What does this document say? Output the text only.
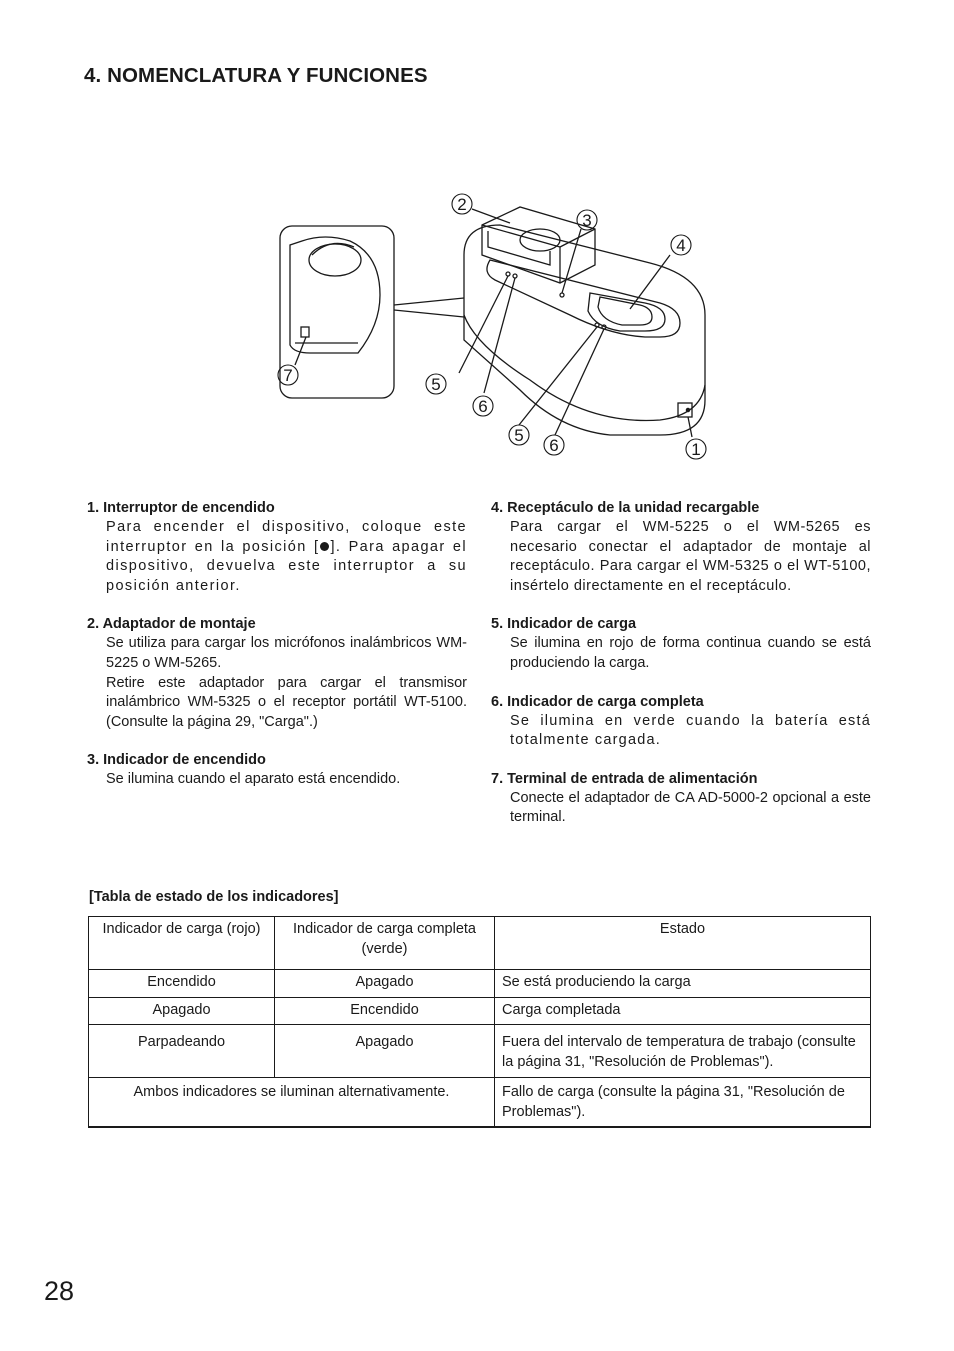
4. NOMENCLATURA Y FUNCIONES
2
3
4
5
6
5
6	1
7
1. Interruptor de encendido

Para encender el dispositivo, coloque este interruptor en la posición [ ]. Para apagar el dispositivo, devuelva este interruptor a su posición anterior.

2. Adaptador de montaje

Se utiliza para cargar los micrófonos inalámbricos WM-5225 o WM-5265.

Retire este adaptador para cargar el transmisor inalámbrico WM-5325 o el receptor portátil WT-5100. (Consulte la página 29, "Carga".)

3. Indicador de encendido

Se ilumina cuando el aparato está encendido.

4. Receptáculo de la unidad recargable

Para cargar el WM-5225 o el WM-5265 es necesario conectar el adaptador de montaje al receptáculo. Para cargar el WM-5325 o el WT-5100, insértelo directamente en el receptáculo.

5. Indicador de carga

Se ilumina en rojo de forma continua cuando se está produciendo la carga.

6. Indicador de carga completa

Se ilumina en verde cuando la batería está totalmente cargada.

7. Terminal de entrada de alimentación

Conecte el adaptador de CA AD-5000-2 opcional a este terminal.

[Tabla de estado de los indicadores]
Indicador de carga (rojo)	Indicador de carga completa (verde)	Estado
Encendido	Apagado	Se está produciendo la carga
Apagado	Encendido	Carga completada
Parpadeando	Apagado	Fuera del intervalo de temperatura de trabajo (consulte la página 31, "Resolución de Problemas").
Ambos indicadores se iluminan alternativamente.		Fallo de carga (consulte la página 31, "Resolución de Problemas").
28
